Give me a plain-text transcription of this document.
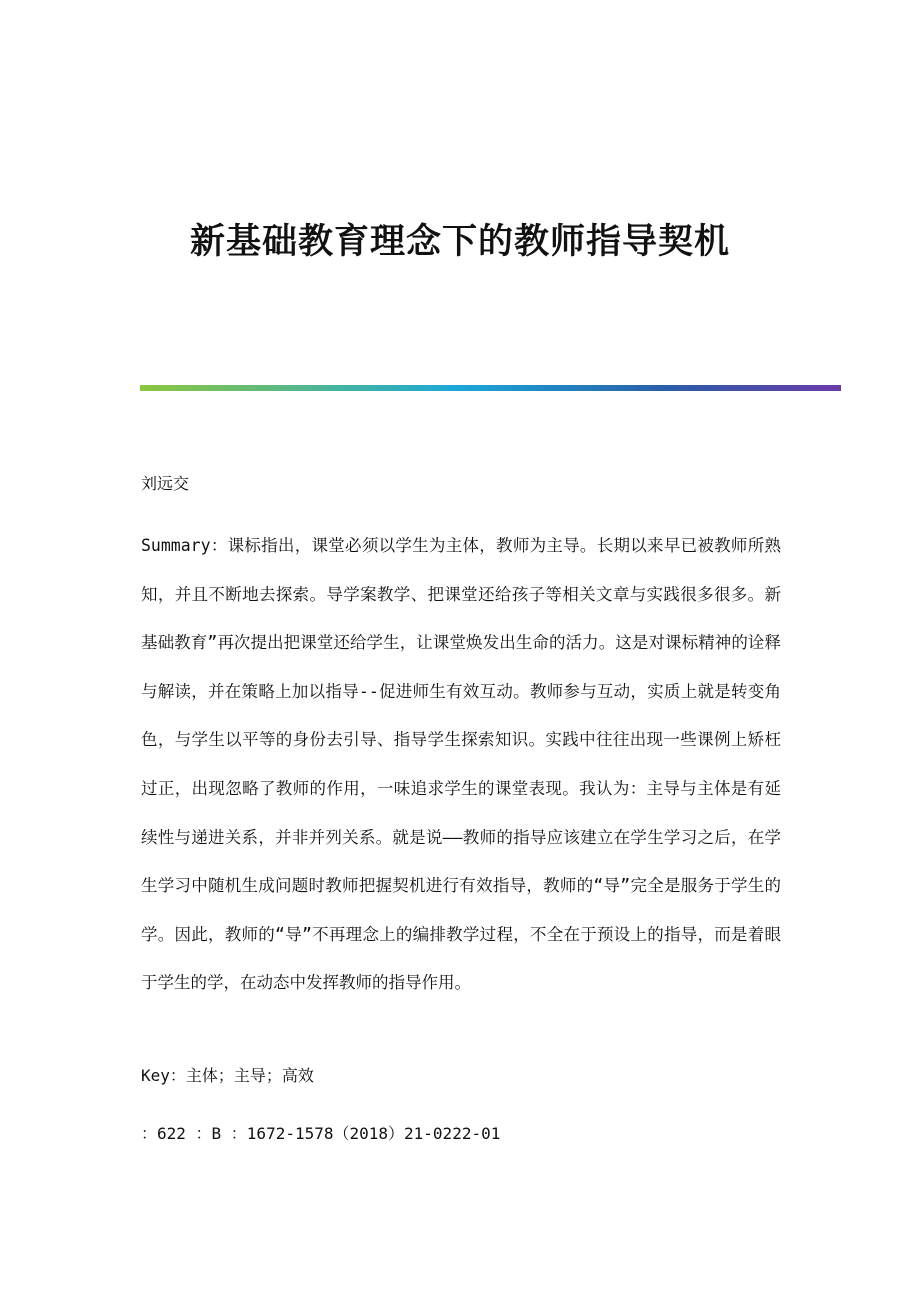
新基础教育理念下的教师指导契机
刘远交

Summary：课标指出，课堂必须以学生为主体，教师为主导。长期以来早已被教师所熟知，并且不断地去探索。导学案教学、把课堂还给孩子等相关文章与实践很多很多。新基础教育”再次提出把课堂还给学生，让课堂焕发出生命的活力。这是对课标精神的诠释与解读，并在策略上加以指导--促进师生有效互动。教师参与互动，实质上就是转变角色，与学生以平等的身份去引导、指导学生探索知识。实践中往往出现一些课例上矫枉过正，出现忽略了教师的作用，一味追求学生的课堂表现。我认为：主导与主体是有延续性与递进关系，并非并列关系。就是说——教师的指导应该建立在学生学习之后，在学生学习中随机生成问题时教师把握契机进行有效指导，教师的“导”完全是服务于学生的学。因此，教师的“导”不再理念上的编排教学过程，不全在于预设上的指导，而是着眼于学生的学，在动态中发挥教师的指导作用。

Key：主体；主导；高效
：622 ：B ：1672-1578（2018）21-0222-01
